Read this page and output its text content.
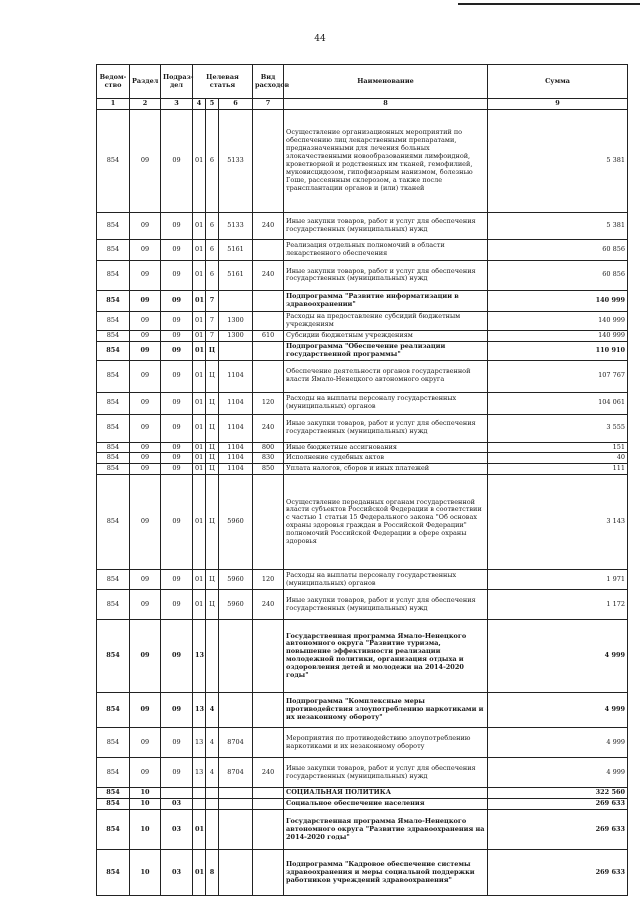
44
Ведом-ство	Раздел	Подраз-дел	Целевая статья			Вид расходов	Наименование	Сумма
1	2	3	4	5	6	7	8	9
854	09	09	01	6	5133		Осуществление организационных мероприятий по обеспечению лиц лекарственными препаратами, предназначенными для лечения больных злокачественными новообразованиями лимфоидной, кроветворной и родственных им тканей, гемофилией, муковисцидозом, гипофизарным нанизмом, болезнью Гоше, рассеянным склерозом, а также после трансплантации органов и (или) тканей	5 381
854	09	09	01	6	5133	240	Иные закупки товаров, работ и услуг для обеспечения государственных (муниципальных) нужд	5 381
854	09	09	01	6	5161		Реализация отдельных полномочий в области лекарственного обеспечения	60 856
854	09	09	01	6	5161	240	Иные закупки товаров, работ и услуг для обеспечения государственных (муниципальных) нужд	60 856
854	09	09	01	7			Подпрограмма "Развитие информатизации в здравоохранении"	140 999
854	09	09	01	7	1300		Расходы на предоставление субсидий бюджетным учреждениям	140 999
854	09	09	01	7	1300	610	Субсидии бюджетным учреждениям	140 999
854	09	09	01	Ц			Подпрограмма "Обеспечение реализации государственной программы"	110 910
854	09	09	01	Ц	1104		Обеспечение деятельности органов государственной власти Ямало-Ненецкого автономного округа	107 767
854	09	09	01	Ц	1104	120	Расходы на выплаты персоналу государственных (муниципальных) органов	104 061
854	09	09	01	Ц	1104	240	Иные закупки товаров, работ и услуг для обеспечения государственных (муниципальных) нужд	3 555
854	09	09	01	Ц	1104	800	Иные бюджетные ассигнования	151
854	09	09	01	Ц	1104	830	Исполнение судебных актов	40
854	09	09	01	Ц	1104	850	Уплата налогов, сборов и иных платежей	111
854	09	09	01	Ц	5960		Осуществление переданных органам государственной власти субъектов Российской Федерации в соответствии с частью 1 статьи 15 Федерального закона "Об основах охраны здоровья граждан в Российской Федерации" полномочий Российской Федерации в сфере охраны здоровья	3 143
854	09	09	01	Ц	5960	120	Расходы на выплаты персоналу государственных (муниципальных) органов	1 971
854	09	09	01	Ц	5960	240	Иные закупки товаров, работ и услуг для обеспечения государственных (муниципальных) нужд	1 172
854	09	09	13				Государственная программа Ямало-Ненецкого автономного округа "Развитие туризма, повышение эффективности реализации молодежной политики, организация отдыха и оздоровления детей и молодежи на 2014-2020 годы"	4 999
854	09	09	13	4			Подпрограмма "Комплексные меры противодействия злоупотреблению наркотиками и их незаконному обороту"	4 999
854	09	09	13	4	8704		Мероприятия по противодействию злоупотреблению наркотиками и их незаконному обороту	4 999
854	09	09	13	4	8704	240	Иные закупки товаров, работ и услуг для обеспечения государственных (муниципальных) нужд	4 999
854	10						СОЦИАЛЬНАЯ ПОЛИТИКА	322 560
854	10	03					Социальное обеспечение населения	269 633
854	10	03	01				Государственная программа Ямало-Ненецкого автономного округа "Развитие здравоохранения на 2014-2020 годы"	269 633
854	10	03	01	8			Подпрограмма "Кадровое обеспечение системы здравоохранения и меры социальной поддержки работников учреждений здравоохранения"	269 633
